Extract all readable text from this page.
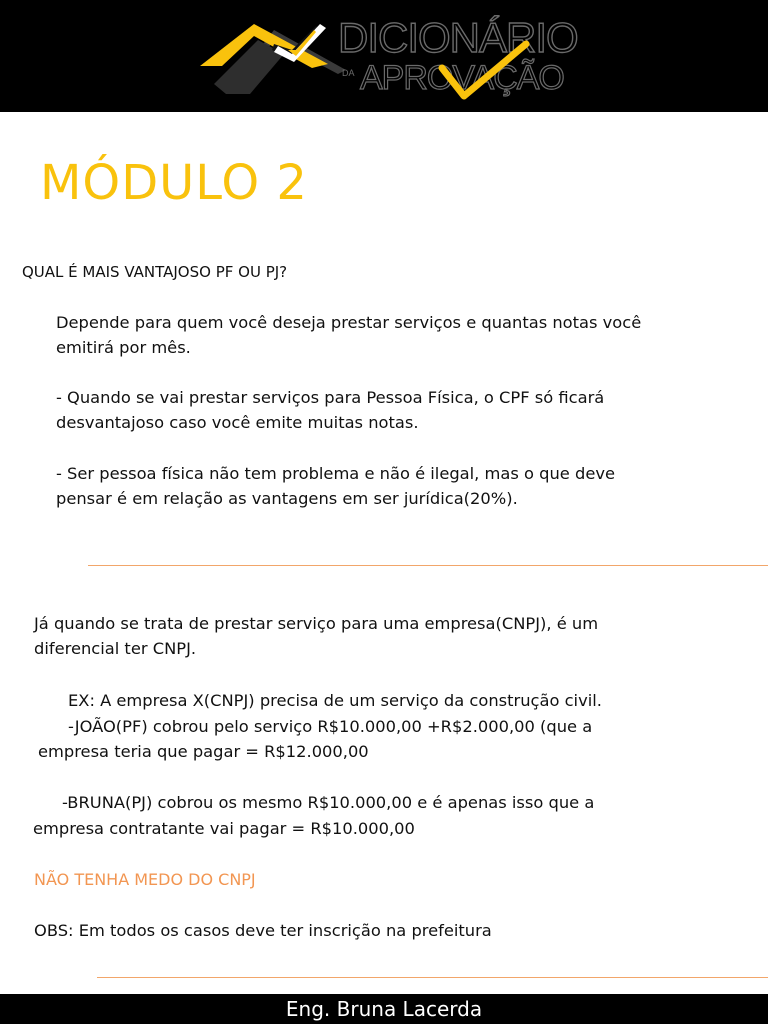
DICIONÁRIO

DA APROVAÇÃO
MÓDULO 2

QUAL É MAIS VANTAJOSO PF OU PJ?

Depende para quem você deseja prestar serviços e quantas notas você
emitirá por mês.

- Quando se vai prestar serviços para Pessoa Física, o CPF só ficará
desvantajoso caso você emite muitas notas.

- Ser pessoa física não tem problema e não é ilegal, mas o que deve
pensar é em relação as vantagens em ser jurídica(20%).

Já quando se trata de prestar serviço para uma empresa(CNPJ), é um
diferencial ter CNPJ.

EX: A empresa X(CNPJ) precisa de um serviço da construção civil.

-JOÃO(PF) cobrou pelo serviço R$10.000,00 +R$2.000,00 (que a

empresa teria que pagar = R$12.000,00

-BRUNA(PJ) cobrou os mesmo R$10.000,00 e é apenas isso que a

empresa contratante vai pagar = R$10.000,00

NÃO TENHA MEDO DO CNPJ

OBS: Em todos os casos deve ter inscrição na prefeitura

Eng. Bruna Lacerda
